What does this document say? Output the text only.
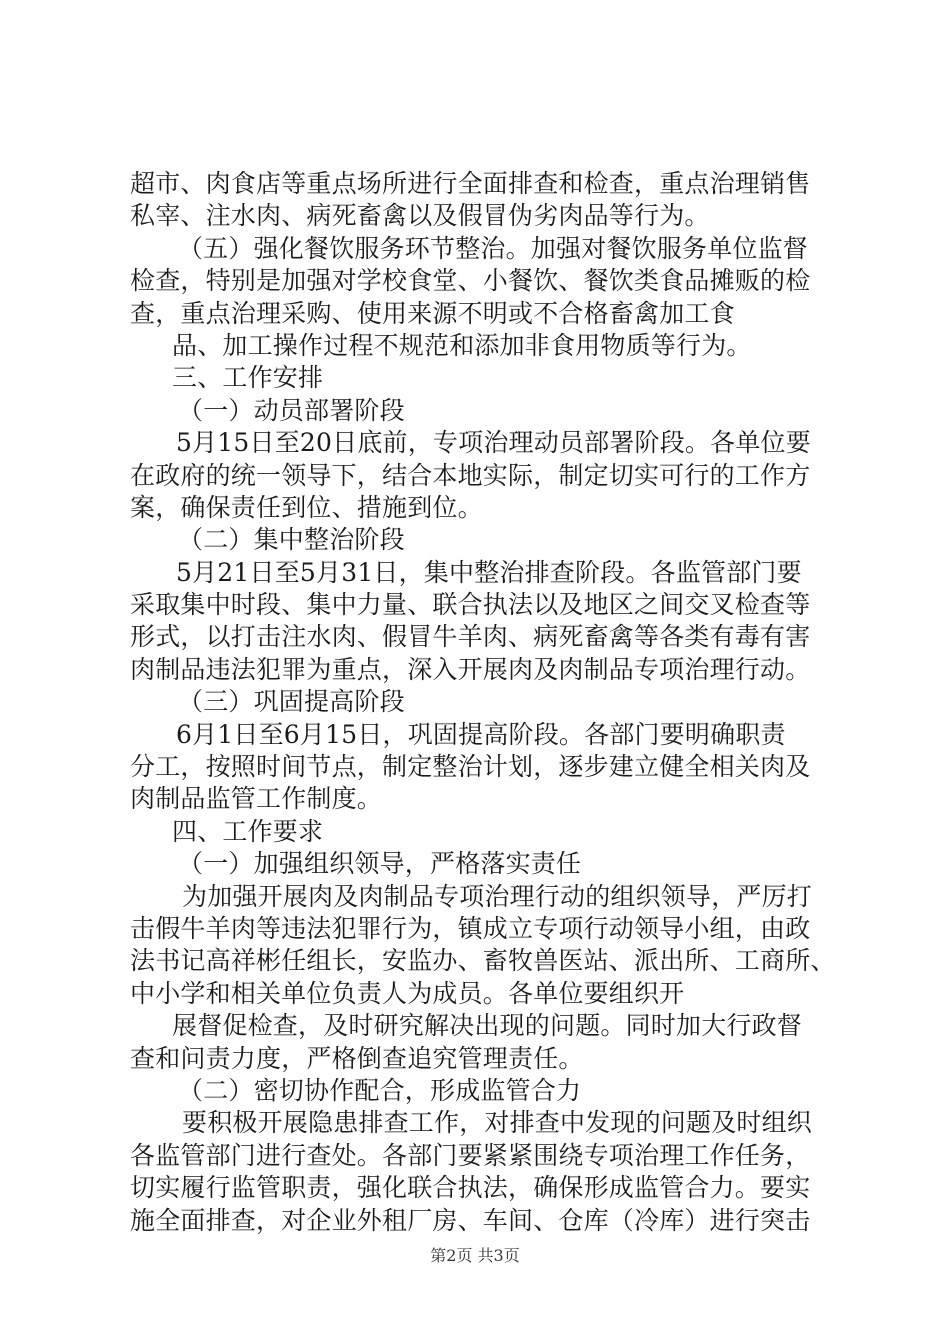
超市、肉食店等重点场所进行全面排查和检查，重点治理销售
私宰、注水肉、病死畜禽以及假冒伪劣肉品等行为。
（五）强化餐饮服务环节整治。加强对餐饮服务单位监督
检查，特别是加强对学校食堂、小餐饮、餐饮类食品摊贩的检
查，重点治理采购、使用来源不明或不合格畜禽加工食
品、加工操作过程不规范和添加非食用物质等行为。
三、工作安排
（一）动员部署阶段
5月15日至20日底前，专项治理动员部署阶段。各单位要
在政府的统一领导下，结合本地实际，制定切实可行的工作方
案，确保责任到位、措施到位。
（二）集中整治阶段
5月21日至5月31日，集中整治排查阶段。各监管部门要
采取集中时段、集中力量、联合执法以及地区之间交叉检查等
形式，以打击注水肉、假冒牛羊肉、病死畜禽等各类有毒有害
肉制品违法犯罪为重点，深入开展肉及肉制品专项治理行动。
（三）巩固提高阶段
6月1日至6月15日，巩固提高阶段。各部门要明确职责
分工，按照时间节点，制定整治计划，逐步建立健全相关肉及
肉制品监管工作制度。
四、工作要求
（一）加强组织领导，严格落实责任
为加强开展肉及肉制品专项治理行动的组织领导，严厉打
击假牛羊肉等违法犯罪行为，镇成立专项行动领导小组，由政
法书记高祥彬任组长，安监办、畜牧兽医站、派出所、工商所、
中小学和相关单位负责人为成员。各单位要组织开
展督促检查，及时研究解决出现的问题。同时加大行政督
查和问责力度，严格倒查追究管理责任。
（二）密切协作配合，形成监管合力
要积极开展隐患排查工作，对排查中发现的问题及时组织
各监管部门进行查处。各部门要紧紧围绕专项治理工作任务，
切实履行监管职责，强化联合执法，确保形成监管合力。要实
施全面排查，对企业外租厂房、车间、仓库（冷库）进行突击
第2页 共3页
